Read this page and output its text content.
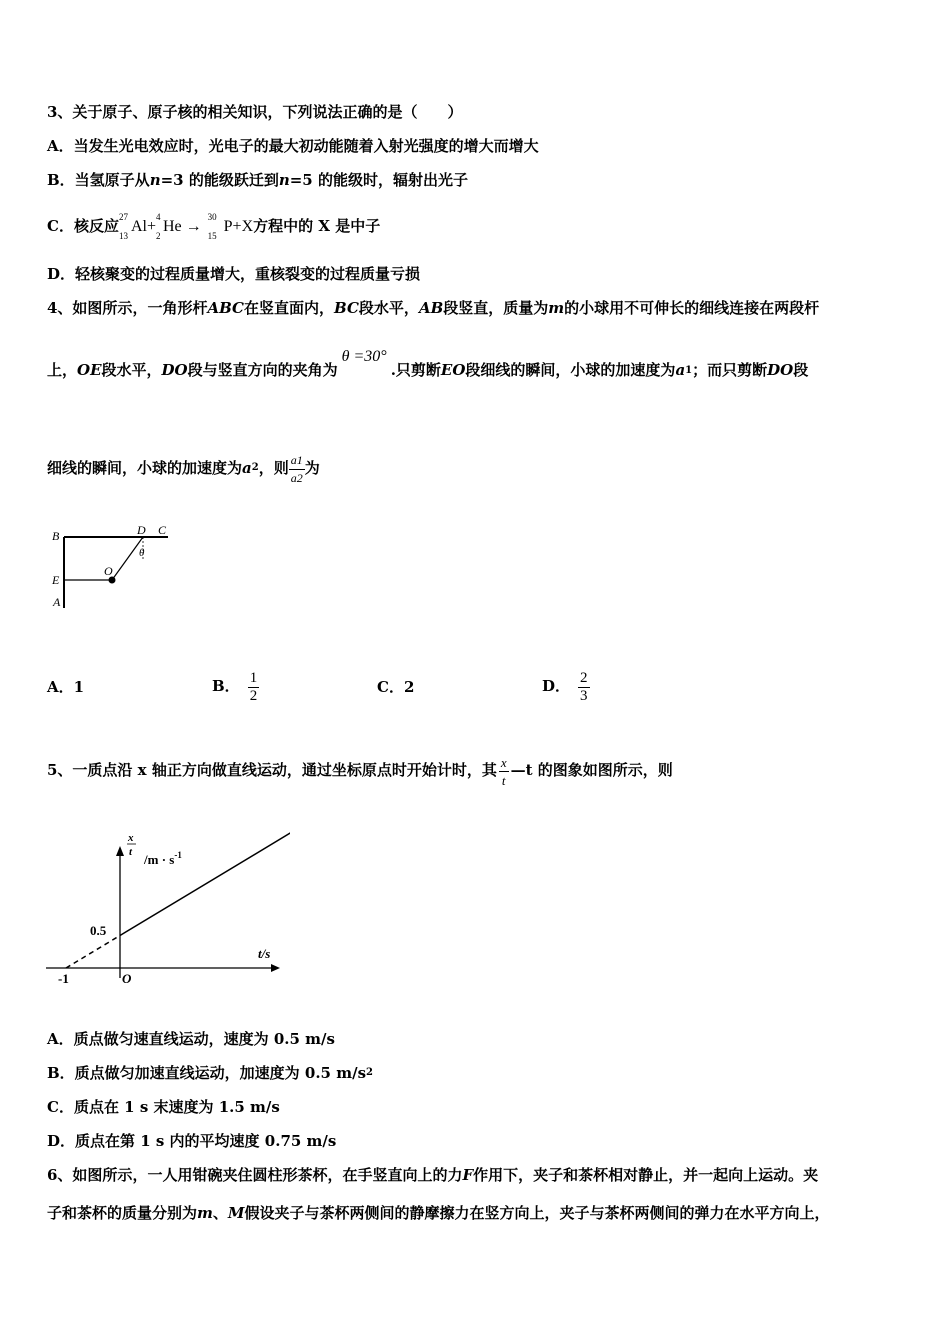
3、关于原子、原子核的相关知识，下列说法正确的是（　　）
A．当发生光电效应时，光电子的最大初动能随着入射光强度的增大而增大
B．当氢原子从n=3 的能级跃迁到n=5 的能级时，辐射出光子
C．核反应 27
13
Al+
4
2
He →
30
15
P+X方程中的 X 是中子
D．轻核聚变的过程质量增大，重核裂变的过程质量亏损
4、如图所示，一角形杆ABC在竖直面内，BC段水平，AB段竖直，质量为m的小球用不可伸长的细线连接在两段杆
上，OE段水平，DO段与竖直方向的夹角为θ =30°.只剪断EO段细线的瞬间，小球的加速度为a1；而只剪断DO段
细线的瞬间，小球的加速度为a2，则 $\frac{a1}{a2}$ 为
B	D C
θ
E
O
A
A．1	B． $\frac{1}{2}$	C．2	D． $\frac{2}{3}$
5、一质点沿 x 轴正方向做直线运动，通过坐标原点时开始计时，其 $\frac{x}{t}$ —t 的图象如图所示，则
x
t $/m \cdot s^{-1}$
0.5
t/s
O
-1
A．质点做匀速直线运动，速度为 0.5 m/s
B．质点做匀加速直线运动，加速度为 0.5 $m/s^2$
C．质点在 1 s 末速度为 1.5 m/s
D．质点在第 1 s 内的平均速度 0.75 m/s
6、如图所示，一人用钳碗夹住圆柱形茶杯，在手竖直向上的力F作用下，夹子和茶杯相对静止，并一起向上运动。夹
子和茶杯的质量分别为m、M假设夹子与茶杯两侧间的静摩擦力在竖方向上，夹子与茶杯两侧间的弹力在水平方向上，
